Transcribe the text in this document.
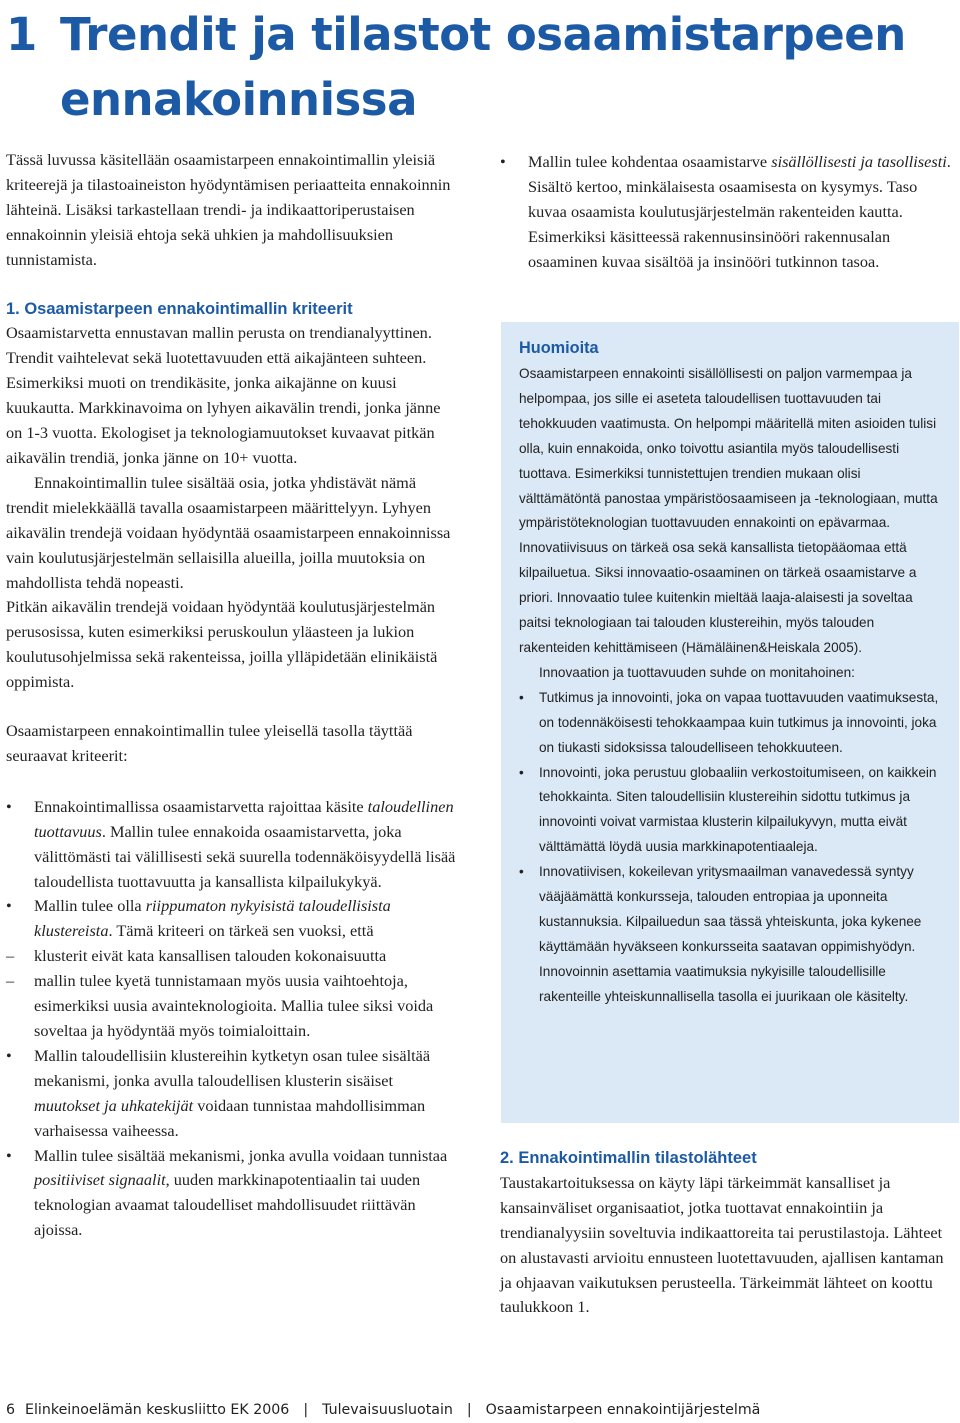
1 Trendit ja tilastot osaamistarpeen
ennakoinnissa

Tässä luvussa käsitellään osaamistarpeen ennakointimallin yleisiä kriteerejä ja tilastoaineiston hyödyntämisen periaatteita ennakoinnin lähteinä. Lisäksi tarkastellaan trendi- ja indikaattoriperustaisen ennakoinnin yleisiä ehtoja sekä uhkien ja mahdollisuuksien tunnistamista.

1. Osaamistarpeen ennakointimallin kriteerit

Osaamistarvetta ennustavan mallin perusta on trendianalyyttinen. Trendit vaihtelevat sekä luotettavuuden että aikajänteen suhteen. Esimerkiksi muoti on trendikäsite, jonka aikajänne on kuusi kuukautta. Markkinavoima on lyhyen aikavälin trendi, jonka jänne on 1-3 vuotta. Ekologiset ja teknologiamuutokset kuvaavat pitkän aikavälin trendiä, jonka jänne on 10+ vuotta.

Ennakointimallin tulee sisältää osia, jotka yhdistävät nämä trendit mielekkäällä tavalla osaamistarpeen määrittelyyn. Lyhyen aikavälin trendejä voidaan hyödyntää osaamistarpeen ennakoinnissa vain koulutusjärjestelmän sellaisilla alueilla, joilla muutoksia on mahdollista tehdä nopeasti.

Pitkän aikavälin trendejä voidaan hyödyntää koulutusjärjestelmän perusosissa, kuten esimerkiksi peruskoulun yläasteen ja lukion koulutusohjelmissa sekä rakenteissa, joilla ylläpidetään elinikäistä oppimista.

Osaamistarpeen ennakointimallin tulee yleisellä tasolla täyttää seuraavat kriteerit:

• Ennakointimallissa osaamistarvetta rajoittaa käsite taloudellinen tuottavuus. Mallin tulee ennakoida osaamistarvetta, joka välittömästi tai välillisesti sekä suurella todennäköisyydellä lisää taloudellista tuottavuutta ja kansallista kilpailukykyä.
• Mallin tulee olla riippumaton nykyisistä taloudellisista klustereista. Tämä kriteeri on tärkeä sen vuoksi, että
– klusterit eivät kata kansallisen talouden kokonaisuutta
– mallin tulee kyetä tunnistamaan myös uusia vaihtoehtoja, esimerkiksi uusia avainteknologioita. Mallia tulee siksi voida soveltaa ja hyödyntää myös toimialoittain.
• Mallin taloudellisiin klustereihin kytketyn osan tulee sisältää mekanismi, jonka avulla taloudellisen klusterin sisäiset muutokset ja uhkatekijät voidaan tunnistaa mahdollisimman varhaisessa vaiheessa.
• Mallin tulee sisältää mekanismi, jonka avulla voidaan tunnistaa positiiviset signaalit, uuden markkinapotentiaalin tai uuden teknologian avaamat taloudelliset mahdollisuudet riittävän ajoissa.
• Mallin tulee kohdentaa osaamistarve sisällöllisesti ja tasollisesti. Sisältö kertoo, minkälaisesta osaamisesta on kysymys. Taso kuvaa osaamista koulutusjärjestelmän rakenteiden kautta. Esimerkiksi käsitteessä rakennusinsinööri rakennusalan osaaminen kuvaa sisältöä ja insinööri tutkinnon tasoa.

Huomioita

Osaamistarpeen ennakointi sisällöllisesti on paljon varmempaa ja helpompaa, jos sille ei aseteta taloudellisen tuottavuuden tai tehokkuuden vaatimusta. On helpompi määritellä miten asioiden tulisi olla, kuin ennakoida, onko toivottu asiantila myös taloudellisesti tuottava. Esimerkiksi tunnistettujen trendien mukaan olisi välttämätöntä panostaa ympäristöosaamiseen ja -teknologiaan, mutta ympäristöteknologian tuottavuuden ennakointi on epävarmaa. Innovatiivisuus on tärkeä osa sekä kansallista tietopääomaa että kilpailuetua. Siksi innovaatio-osaaminen on tärkeä osaamistarve a priori. Innovaatio tulee kuitenkin mieltää laaja-alaisesti ja soveltaa paitsi teknologiaan tai talouden klustereihin, myös talouden rakenteiden kehittämiseen (Hämäläinen&Heiskala 2005).

Innovaation ja tuottavuuden suhde on monitahoinen:

• Tutkimus ja innovointi, joka on vapaa tuottavuuden vaatimuksesta, on todennäköisesti tehokkaampaa kuin tutkimus ja innovointi, joka on tiukasti sidoksissa taloudelliseen tehokkuuteen.
• Innovointi, joka perustuu globaaliin verkostoitumiseen, on kaikkein tehokkainta. Siten taloudellisiin klustereihin sidottu tutkimus ja innovointi voivat varmistaa klusterin kilpailukyvyn, mutta eivät välttämättä löydä uusia markkinapotentiaaleja.
• Innovatiivisen, kokeilevan yritysmaailman vanavedessä syntyy vääjäämättä konkursseja, talouden entropiaa ja uponneita kustannuksia. Kilpailuedun saa tässä yhteiskunta, joka kykenee käyttämään hyväkseen konkursseita saatavan oppimishyödyn. Innovoinnin asettamia vaatimuksia nykyisille taloudellisille rakenteille yhteiskunnallisella tasolla ei juurikaan ole käsitelty.

2. Ennakointimallin tilastolähteet

Taustakartoituksessa on käyty läpi tärkeimmät kansalliset ja kansainväliset organisaatiot, jotka tuottavat ennakointiin ja trendianalyysiin soveltuvia indikaattoreita tai perustilastoja. Lähteet on alustavasti arvioitu ennusteen luotettavuuden, ajallisen kantaman ja ohjaavan vaikutuksen perusteella. Tärkeimmät lähteet on koottu taulukkoon 1.

6 Elinkeinoelämän keskusliitto EK 2006 | Tulevaisuusluotain | Osaamistarpeen ennakointijärjestelmä
